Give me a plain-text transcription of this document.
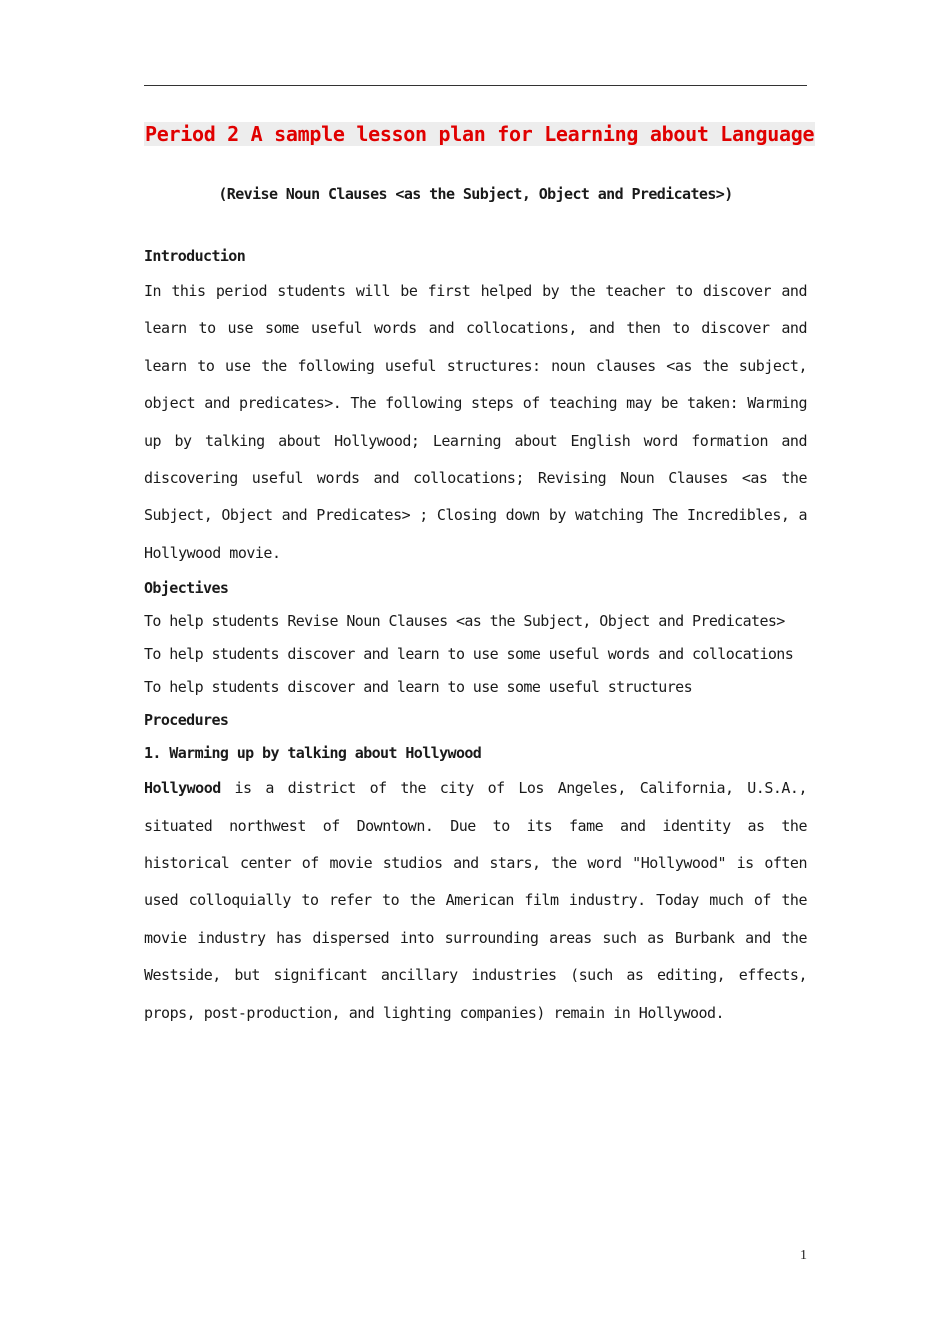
Period 2 A sample lesson plan for Learning about Language
(Revise Noun Clauses <as the Subject, Object and Predicates>)
Introduction
In this period students will be first helped by the teacher to discover and learn to use some useful words and collocations, and then to discover and learn to use the following useful structures: noun clauses <as the subject, object and predicates>. The following steps of teaching may be taken: Warming up by talking about Hollywood; Learning about English word formation and discovering useful words and collocations; Revising Noun Clauses <as the Subject, Object and Predicates> ; Closing down by watching The Incredibles, a Hollywood movie.
Objectives
To help students Revise Noun Clauses <as the Subject, Object and Predicates>
To help students discover and learn to use some useful words and collocations
To help students discover and learn to use some useful structures
Procedures
1. Warming up by talking about Hollywood
Hollywood is a district of the city of Los Angeles, California, U.S.A., situated northwest of Downtown. Due to its fame and identity as the historical center of movie studios and stars, the word "Hollywood" is often used colloquially to refer to the American film industry. Today much of the movie industry has dispersed into surrounding areas such as Burbank and the Westside, but significant ancillary industries (such as editing, effects, props, post-production, and lighting companies) remain in Hollywood.
1
